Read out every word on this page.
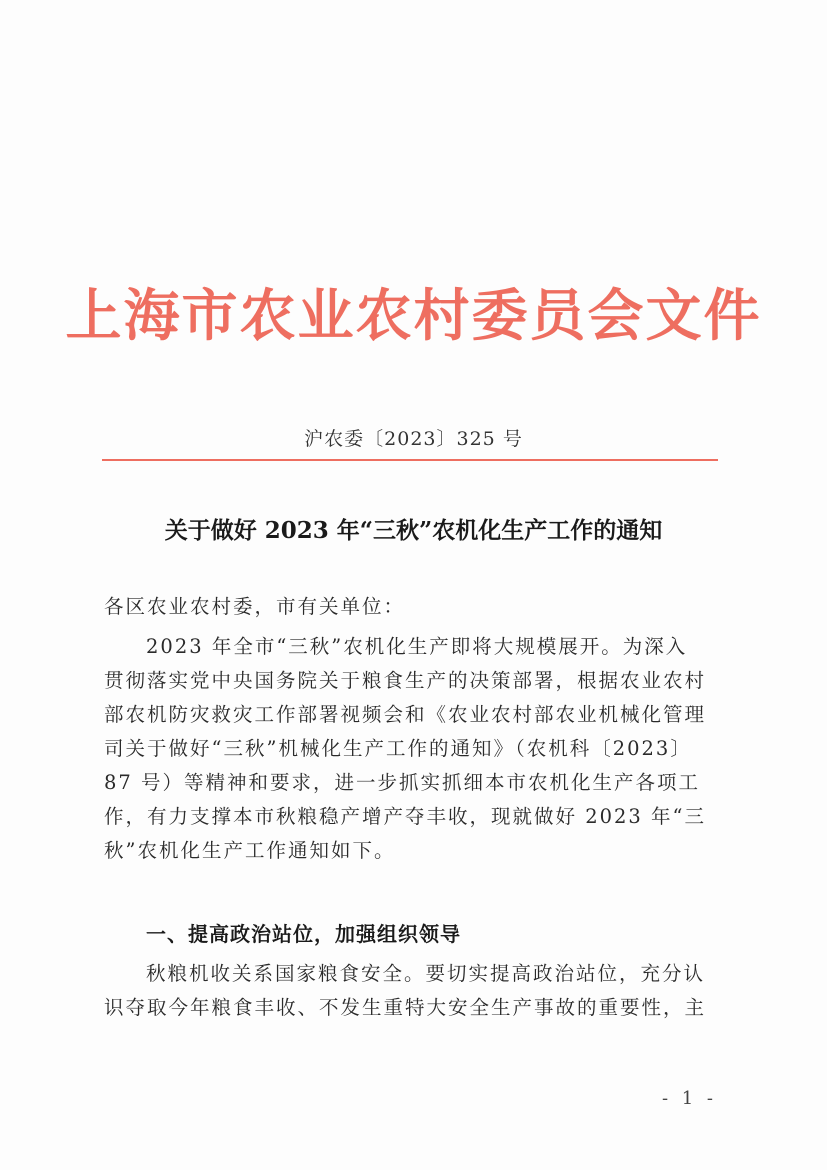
上海市农业农村委员会文件
沪农委〔2023〕325 号
关于做好 2023 年“三秋”农机化生产工作的通知
各区农业农村委，市有关单位：
2023 年全市“三秋”农机化生产即将大规模展开。为深入
贯彻落实党中央国务院关于粮食生产的决策部署，根据农业农村
部农机防灾救灾工作部署视频会和《农业农村部农业机械化管理
司关于做好“三秋”机械化生产工作的通知》（农机科〔2023〕
87 号）等精神和要求，进一步抓实抓细本市农机化生产各项工
作，有力支撑本市秋粮稳产增产夺丰收，现就做好 2023 年“三
秋”农机化生产工作通知如下。
一、提高政治站位，加强组织领导
秋粮机收关系国家粮食安全。要切实提高政治站位，充分认
识夺取今年粮食丰收、不发生重特大安全生产事故的重要性，主
- 1 -
